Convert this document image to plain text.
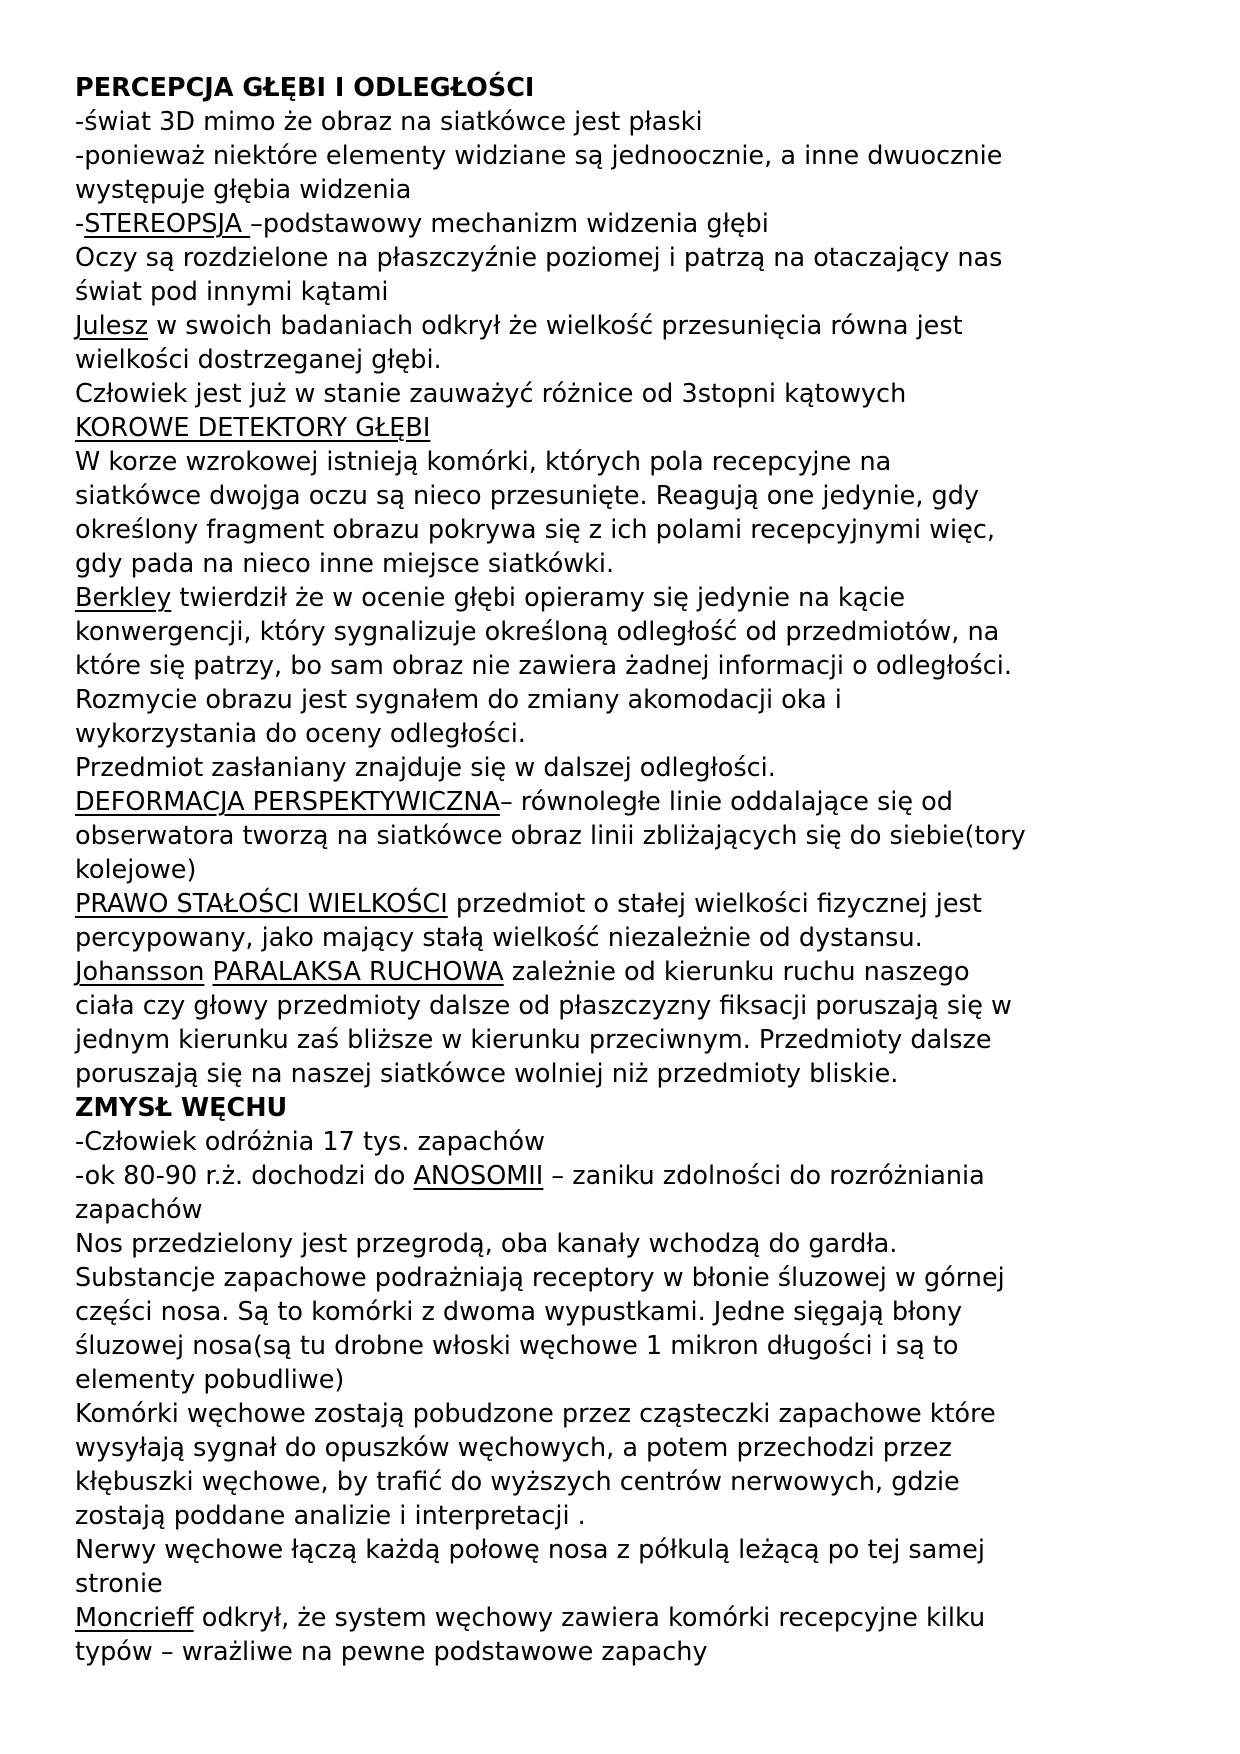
PERCEPCJA GŁĘBI I ODLEGŁOŚCI
-świat 3D mimo że obraz na siatkówce jest płaski
-ponieważ niektóre elementy widziane są jednoocznie, a inne dwuocznie
występuje głębia widzenia
-STEREOPSJA –podstawowy mechanizm widzenia głębi
Oczy są rozdzielone na płaszczyźnie poziomej i patrzą na otaczający nas
świat pod innymi kątami
Julesz w swoich badaniach odkrył że wielkość przesunięcia równa jest
wielkości dostrzeganej głębi.
Człowiek jest już w stanie zauważyć różnice od 3stopni kątowych
KOROWE DETEKTORY GŁĘBI
W korze wzrokowej istnieją komórki, których pola recepcyjne na
siatkówce dwojga oczu są nieco przesunięte. Reagują one jedynie, gdy
określony fragment obrazu pokrywa się z ich polami recepcyjnymi więc,
gdy pada na nieco inne miejsce siatkówki.
Berkley twierdził że w ocenie głębi opieramy się jedynie na kącie
konwergencji, który sygnalizuje określoną odległość od przedmiotów, na
które się patrzy, bo sam obraz nie zawiera żadnej informacji o odległości.
Rozmycie obrazu jest sygnałem do zmiany akomodacji oka i
wykorzystania do oceny odległości.
Przedmiot zasłaniany znajduje się w dalszej odległości.
DEFORMACJA PERSPEKTYWICZNA– równoległe linie oddalające się od
obserwatora tworzą na siatkówce obraz linii zbliżających się do siebie(tory
kolejowe)
PRAWO STAŁOŚCI WIELKOŚCI przedmiot o stałej wielkości fizycznej jest
percypowany, jako mający stałą wielkość niezależnie od dystansu.
Johansson PARALAKSA RUCHOWA zależnie od kierunku ruchu naszego
ciała czy głowy przedmioty dalsze od płaszczyzny fiksacji poruszają się w
jednym kierunku zaś bliższe w kierunku przeciwnym. Przedmioty dalsze
poruszają się na naszej siatkówce wolniej niż przedmioty bliskie.
ZMYSŁ WĘCHU
-Człowiek odróżnia 17 tys. zapachów
-ok 80-90 r.ż. dochodzi do ANOSOMII – zaniku zdolności do rozróżniania
zapachów
Nos przedzielony jest przegrodą, oba kanały wchodzą do gardła.
Substancje zapachowe podrażniają receptory w błonie śluzowej w górnej
części nosa. Są to komórki z dwoma wypustkami. Jedne sięgają błony
śluzowej nosa(są tu drobne włoski węchowe 1 mikron długości i są to
elementy pobudliwe)
Komórki węchowe zostają pobudzone przez cząsteczki zapachowe które
wysyłają sygnał do opuszków węchowych, a potem przechodzi przez
kłębuszki węchowe, by trafić do wyższych centrów nerwowych, gdzie
zostają poddane analizie i interpretacji .
Nerwy węchowe łączą każdą połowę nosa z półkulą leżącą po tej samej
stronie
Moncrieff odkrył, że system węchowy zawiera komórki recepcyjne kilku
typów – wrażliwe na pewne podstawowe zapachy
